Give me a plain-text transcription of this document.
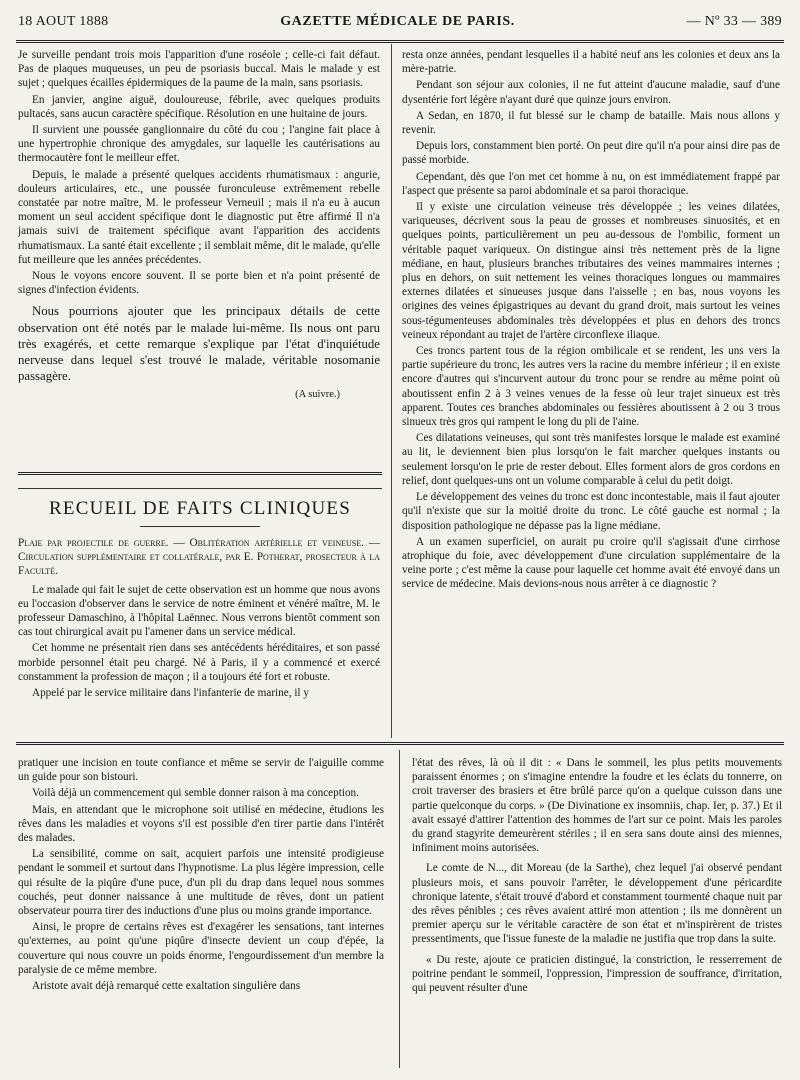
18 AOUT 1888	GAZETTE MÉDICALE DE PARIS.	— Nº 33 — 389

Je surveille pendant trois mois l'apparition d'une roséole ; celle-ci fait défaut. Pas de plaques muqueuses, un peu de psoriasis buccal. Mais le malade y est sujet ; quelques écailles épidermiques de la paume de la main, sans psoriasis.

En janvier, angine aiguë, douloureuse, fébrile, avec quelques produits pultacés, sans aucun caractère spécifique. Résolution en une huitaine de jours.

Il survient une poussée ganglionnaire du côté du cou ; l'angine fait place à une hypertrophie chronique des amygdales, sur laquelle les cautérisations au thermocautère font le meilleur effet.

Depuis, le malade a présenté quelques accidents rhumatismaux : angurie, douleurs articulaires, etc., une poussée furonculeuse extrêmement rebelle constatée par notre maître, M. le professeur Verneuil ; mais il n'a eu à aucun moment un seul accident spécifique dont le diagnostic put être affirmé Il n'a jamais suivi de traitement spécifique avant l'apparition des accidents rhumatismaux. La santé était excellente ; il semblait même, dit le malade, qu'elle fut meilleure que les années précédentes.

Nous le voyons encore souvent. Il se porte bien et n'a point présenté de signes d'infection évidents.

Nous pourrions ajouter que les principaux détails de cette observation ont été notés par le malade lui-même. Ils nous ont paru très exagérés, et cette remarque s'explique par l'état d'inquiétude nerveuse dans lequel s'est trouvé le malade, véritable nosomanie passagère.

(A suivre.)

RECUEIL DE FAITS CLINIQUES

Plaie par projectile de guerre. — Oblitération artérielle et veineuse. — Circulation supplémentaire et collatérale, par E. Potherat, prosecteur à la Faculté.

Le malade qui fait le sujet de cette observation est un homme que nous avons eu l'occasion d'observer dans le service de notre éminent et vénéré maître, M. le professeur Damaschino, à l'hôpital Laënnec. Nous verrons bientôt comment son cas tout chirurgical avait pu l'amener dans un service médical.

Cet homme ne présentait rien dans ses antécédents héréditaires, et son passé morbide personnel était peu chargé. Né à Paris, il y a commencé et exercé constamment la profession de maçon ; il a toujours été fort et robuste.

Appelé par le service militaire dans l'infanterie de marine, il y

resta onze années, pendant lesquelles il a habité neuf ans les colonies et deux ans la mère-patrie.

Pendant son séjour aux colonies, il ne fut atteint d'aucune maladie, sauf d'une dysentérie fort légère n'ayant duré que quinze jours environ.

A Sedan, en 1870, il fut blessé sur le champ de bataille. Mais nous allons y revenir.

Depuis lors, constamment bien porté. On peut dire qu'il n'a pour ainsi dire pas de passé morbide.

Cependant, dès que l'on met cet homme à nu, on est immédiatement frappé par l'aspect que présente sa paroi abdominale et sa paroi thoracique.

Il y existe une circulation veineuse très développée ; les veines dilatées, variqueuses, décrivent sous la peau de grosses et nombreuses sinuosités, et en quelques points, particulièrement un peu au-dessous de l'ombilic, forment un véritable paquet variqueux. On distingue ainsi très nettement près de la ligne médiane, en haut, plusieurs branches tributaires des veines mammaires internes ; plus en dehors, on suit nettement les veines thoraciques longues ou mammaires externes dilatées et sinueuses jusque dans l'aisselle ; en bas, nous voyons les origines des veines épigastriques au devant du grand droit, mais surtout les veines sous-tégumenteuses abdominales très développées et plus en dehors des troncs veineux répondant au trajet de l'artère circonflexe iliaque.

Ces troncs partent tous de la région ombilicale et se rendent, les uns vers la partie supérieure du tronc, les autres vers la racine du membre inférieur ; il en existe encore d'autres qui s'incurvent autour du tronc pour se rendre au même point où aboutissent enfin 2 à 3 veines venues de la fesse où leur trajet sinueux est très apparent. Toutes ces branches abdominales ou fessières aboutissent à 2 ou 3 trous sinueux très gros qui rampent le long du pli de l'aine.

Ces dilatations veineuses, qui sont très manifestes lorsque le malade est examiné au lit, le deviennent bien plus lorsqu'on le fait marcher quelques instants ou seulement lorsqu'on le prie de rester debout. Elles forment alors de gros cordons en relief, dont quelques-uns ont un volume comparable à celui du petit doigt.

Le développement des veines du tronc est donc incontestable, mais il faut ajouter qu'il n'existe que sur la moitié droite du tronc. Le côté gauche est normal ; la disposition pathologique ne dépasse pas la ligne médiane.

A un examen superficiel, on aurait pu croire qu'il s'agissait d'une cirrhose atrophique du foie, avec développement d'une circulation supplémentaire de la veine porte ; c'est même la cause pour laquelle cet homme avait été envoyé dans un service de médecine. Mais devions-nous nous arrêter à ce diagnostic ?

pratiquer une incision en toute confiance et même se servir de l'aiguille comme un guide pour son bistouri.

Voilà déjà un commencement qui semble donner raison à ma conception.

Mais, en attendant que le microphone soit utilisé en médecine, étudions les rêves dans les maladies et voyons s'il est possible d'en tirer partie dans l'intérêt des malades.

La sensibilité, comme on sait, acquiert parfois une intensité prodigieuse pendant le sommeil et surtout dans l'hypnotisme. La plus légère impression, celle qui résulte de la piqûre d'une puce, d'un pli du drap dans lequel nous sommes couchés, peut donner naissance à une multitude de rêves, dont un patient observateur pourra tirer des inductions d'une plus ou moins grande importance.

Ainsi, le propre de certains rêves est d'exagérer les sensations, tant internes qu'externes, au point qu'une piqûre d'insecte devient un coup d'épée, la couverture qui nous couvre un poids énorme, l'engourdissement d'un membre la paralysie de ce même membre.

Aristote avait déjà remarqué cette exaltation singulière dans

l'état des rêves, là où il dit : « Dans le sommeil, les plus petits mouvements paraissent énormes ; on s'imagine entendre la foudre et les éclats du tonnerre, on croit traverser des brasiers et être brûlé parce qu'on a quelque cuisson dans une partie quelconque du corps. » (De Divinatione ex insomniis, chap. Ier, p. 37.) Et il avait essayé d'attirer l'attention des hommes de l'art sur ce point. Mais les paroles du grand stagyrite demeurèrent stériles ; il en sera sans doute ainsi des miennes, infiniment moins autorisées.

Le comte de N..., dit Moreau (de la Sarthe), chez lequel j'ai observé pendant plusieurs mois, et sans pouvoir l'arrêter, le développement d'une péricardite chronique latente, s'était trouvé d'abord et constamment tourmenté chaque nuit par des rêves pénibles ; ces rêves avaient attiré mon attention ; ils me donnèrent un premier aperçu sur le véritable caractère de son état et m'inspirèrent de tristes pressentiments, que l'issue funeste de la maladie ne justifia que trop dans la suite.

« Du reste, ajoute ce praticien distingué, la constriction, le resserrement de poitrine pendant le sommeil, l'oppression, l'impression de souffrance, d'irritation, qui peuvent résulter d'une
